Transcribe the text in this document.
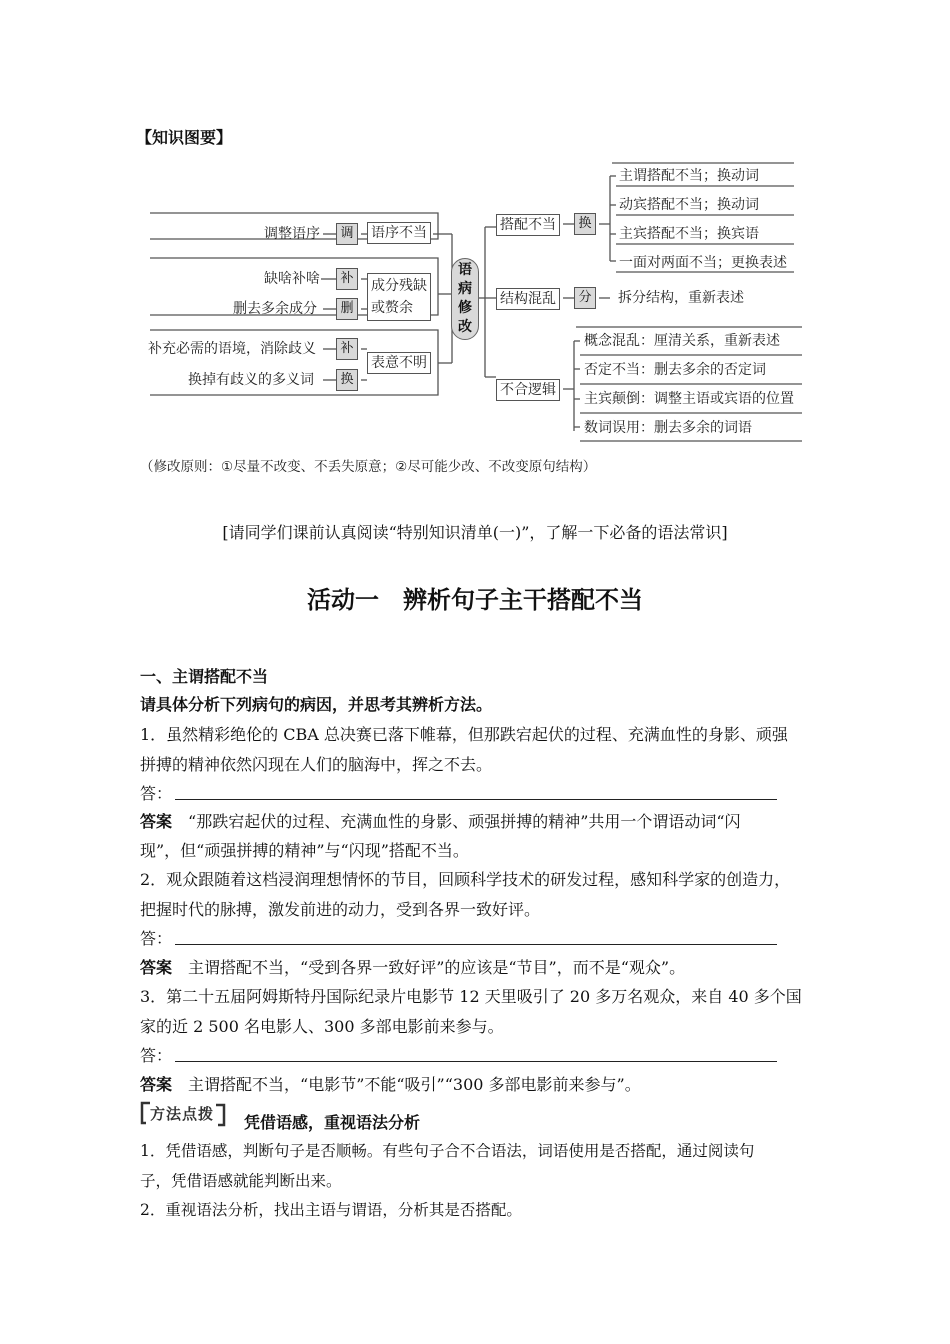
【知识图要】
调整语序	调	语序不当
缺啥补啥	补
删去多余成分	删
成分残缺
或赘余
补充必需的语境，消除歧义	补
换掉有歧义的多义词	换
表意不明
语
病
修
改
搭配不当	换
主谓搭配不当；换动词
动宾搭配不当；换动词
主宾搭配不当；换宾语
一面对两面不当；更换表述
结构混乱	分	拆分结构，重新表述
不合逻辑
概念混乱：厘清关系，重新表述
否定不当：删去多余的否定词
主宾颠倒：调整主语或宾语的位置
数词误用：删去多余的词语
（修改原则：①尽量不改变、不丢失原意；②尽可能少改、不改变原句结构）
[请同学们课前认真阅读“特别知识清单(一)”，了解一下必备的语法常识]
活动一　辨析句子主干搭配不当
一、主谓搭配不当
请具体分析下列病句的病因，并思考其辨析方法。
1．虽然精彩绝伦的 CBA 总决赛已落下帷幕，但那跌宕起伏的过程、充满血性的身影、顽强
拼搏的精神依然闪现在人们的脑海中，挥之不去。
答：
答案　“那跌宕起伏的过程、充满血性的身影、顽强拼搏的精神”共用一个谓语动词“闪
现”，但“顽强拼搏的精神”与“闪现”搭配不当。
2．观众跟随着这档浸润理想情怀的节目，回顾科学技术的研发过程，感知科学家的创造力，
把握时代的脉搏，激发前进的动力，受到各界一致好评。
答：
答案　主谓搭配不当，“受到各界一致好评”的应该是“节目”，而不是“观众”。
3．第二十五届阿姆斯特丹国际纪录片电影节 12 天里吸引了 20 多万名观众，来自 40 多个国
家的近 2 500 名电影人、300 多部电影前来参与。
答：
答案　主谓搭配不当，“电影节”不能“吸引”“300 多部电影前来参与”。
方法点拨 凭借语感，重视语法分析
1．凭借语感，判断句子是否顺畅。有些句子合不合语法，词语使用是否搭配，通过阅读句
子，凭借语感就能判断出来。
2．重视语法分析，找出主语与谓语，分析其是否搭配。
